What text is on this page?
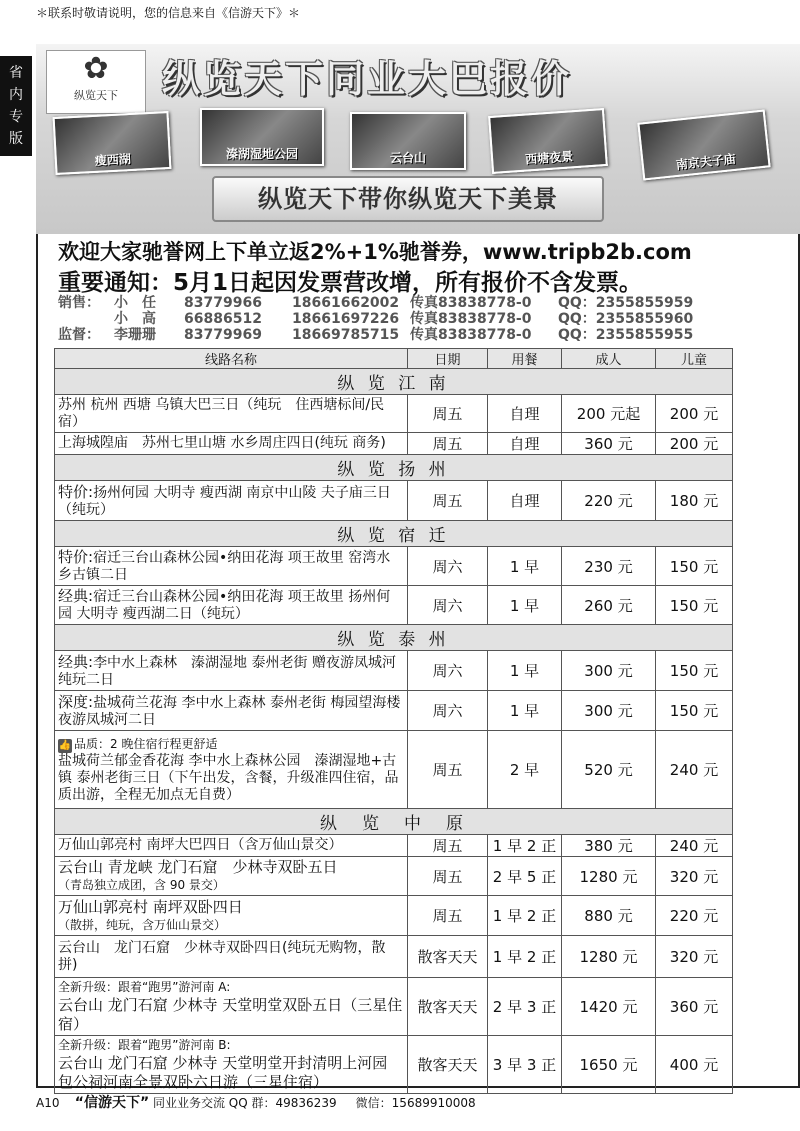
＊联系时敬请说明，您的信息来自《信游天下》＊
省
内
专
版
✿
纵览天下	纵览天下同业大巴报价
瘦西湖	溱湖湿地公园	云台山	西塘夜景	南京夫子庙
纵览天下带你纵览天下美景
欢迎大家驰誉网上下单立返2%+1%驰誉券，www.tripb2b.com
重要通知：5月1日起因发票营改增，所有报价不含发票。
销售： 小　任 83779966 18661662002 传真83838778-0 QQ：2355855959
小　高 66886512 18661697226 传真83838778-0 QQ：2355855960
监督： 李珊珊 83779969 18669785715 传真83838778-0 QQ：2355855955
线路名称	日期	用餐	成人	儿童
纵 览 江 南				
苏州 杭州 西塘 乌镇大巴三日（纯玩　住西塘标间/民宿）	周五	自理	200 元起	200 元
上海城隍庙　苏州七里山塘 水乡周庄四日(纯玩 商务)	周五	自理	360 元	200 元
纵 览 扬 州				
特价:扬州何园 大明寺 瘦西湖 南京中山陵 夫子庙三日（纯玩）	周五	自理	220 元	180 元
纵 览 宿 迁				
特价:宿迁三台山森林公园•纳田花海 项王故里 窑湾水乡古镇二日	周六	1 早	230 元	150 元
经典:宿迁三台山森林公园•纳田花海 项王故里 扬州何园 大明寺 瘦西湖二日（纯玩）	周六	1 早	260 元	150 元
纵 览 泰 州				
经典:李中水上森林　溱湖湿地 泰州老街 赠夜游凤城河纯玩二日	周六	1 早	300 元	150 元
深度:盐城荷兰花海 李中水上森林 泰州老街 梅园望海楼 夜游凤城河二日	周六	1 早	300 元	150 元

👍 品质：2 晚住宿行程更舒适
盐城荷兰郁金香花海 李中水上森林公园　溱湖湿地+古镇 泰州老街三日（下午出发，含餐，升级准四住宿，品质出游，全程无加点无自费）	周五	2 早	520 元	240 元
纵　览　中　原				
万仙山郭亮村 南坪大巴四日（含万仙山景交）	周五	1 早 2 正	380 元	240 元

云台山 青龙峡 龙门石窟　少林寺双卧五日
（青岛独立成团，含 90 景交）	周五	2 早 5 正	1280 元	320 元

万仙山郭亮村 南坪双卧四日
（散拼，纯玩，含万仙山景交）	周五	1 早 2 正	880 元	220 元
云台山　龙门石窟　少林寺双卧四日(纯玩无购物，散拼)	散客天天	1 早 2 正	1280 元	320 元

全新升级：跟着“跑男”游河南 A:
云台山 龙门石窟 少林寺 天堂明堂双卧五日（三星住宿）	散客天天	2 早 3 正	1420 元	360 元

全新升级：跟着“跑男”游河南 B:
云台山 龙门石窟 少林寺 天堂明堂开封清明上河园 包公祠河南全景双卧六日游（三星住宿）	散客天天	3 早 3 正	1650 元	400 元
A10 “信游天下” 同业业务交流 QQ 群：49836239 微信：15689910008
